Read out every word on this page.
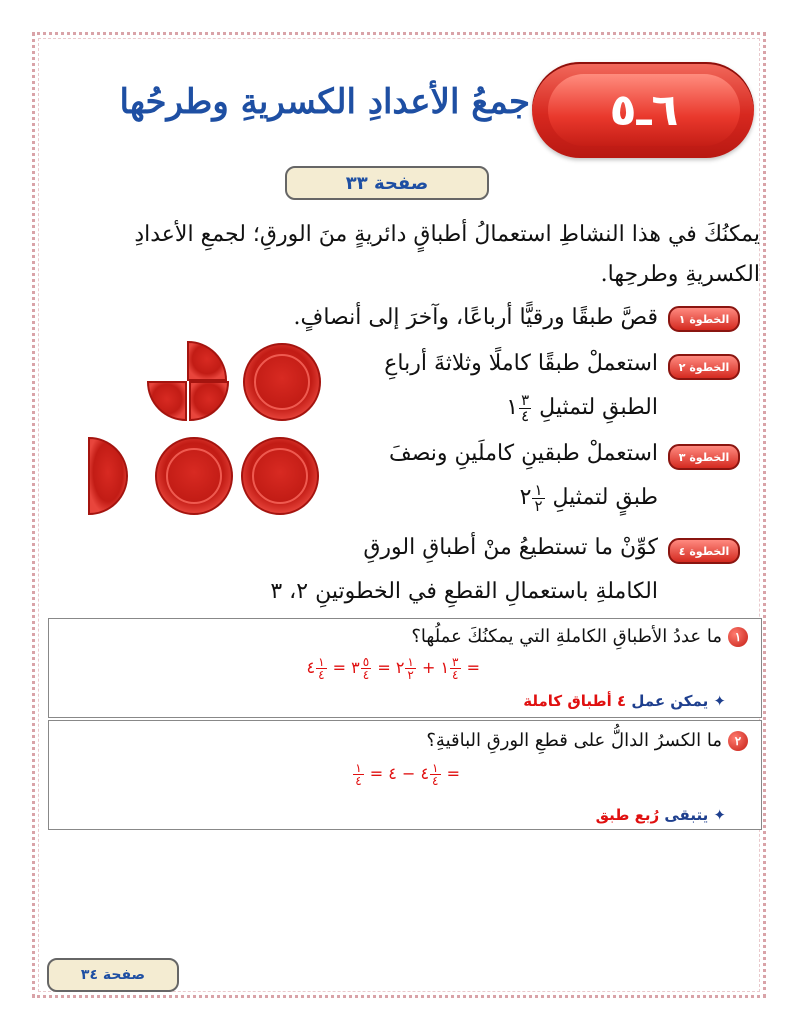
٦ـ٥
جمعُ الأعدادِ الكسريةِ وطرحُها
صفحة ٣٣
يمكنُكَ في هذا النشاطِ استعمالُ أطباقٍ دائريةٍ منَ الورقِ؛ لجمعِ الأعدادِ الكسريةِ وطرحِها.
الخطوة ١
قصَّ طبقًا ورقيًّا أرباعًا، وآخرَ إلى أنصافٍ.
الخطوة ٢
استعملْ طبقًا كاملًا وثلاثةَ أرباعِ
الطبقِ لتمثيلِ
$\frac{٣}{٤}$
١
الخطوة ٣
استعملْ طبقينِ كاملَينِ ونصفَ
طبقٍ لتمثيلِ
$\frac{١}{٢}$
٢
الخطوة ٤
كوِّنْ ما تستطيعُ منْ أطباقِ الورقِ
الكاملةِ باستعمالِ القطعِ في الخطوتينِ ٢، ٣
١ما عددُ الأطباقِ الكاملةِ التي يمكنُكَ عملُها؟
=
$\frac{٣}{٤}$
١ +
$\frac{١}{٢}$
٢ =
$\frac{٥}{٤}$
٣ =
$\frac{١}{٤}$
٤
✦ يمكن عمل ٤ أطباق كاملة
٢ما الكسرُ الدالُّ على قطعِ الورقِ الباقيةِ؟
=
$\frac{١}{٤}$
٤ − ٤ =
$\frac{١}{٤}$
✦ يتبقى رُبع طبق
صفحة ٣٤
